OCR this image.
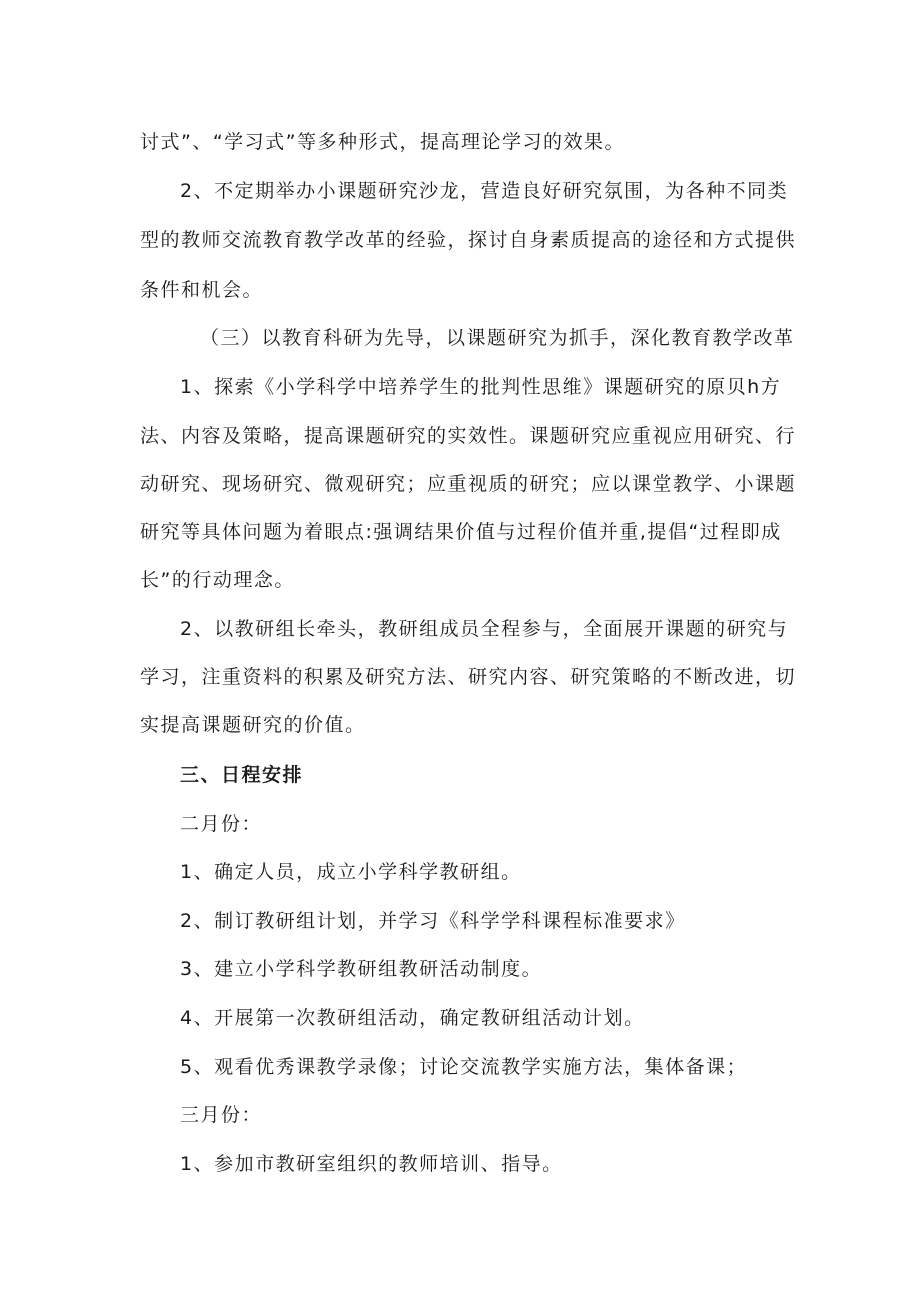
讨式”、“学习式”等多种形式，提高理论学习的效果。
2、不定期举办小课题研究沙龙，营造良好研究氛围，为各种不同类
型的教师交流教育教学改革的经验，探讨自身素质提高的途径和方式提供
条件和机会。
（三）以教育科研为先导，以课题研究为抓手，深化教育教学改革
1、探索《小学科学中培养学生的批判性思维》课题研究的原贝h方
法、内容及策略，提高课题研究的实效性。课题研究应重视应用研究、行
动研究、现场研究、微观研究；应重视质的研究；应以课堂教学、小课题
研究等具体问题为着眼点:强调结果价值与过程价值并重,提倡“过程即成
长”的行动理念。
2、以教研组长牵头，教研组成员全程参与，全面展开课题的研究与
学习，注重资料的积累及研究方法、研究内容、研究策略的不断改进，切
实提高课题研究的价值。
三、日程安排
二月份：
1、确定人员，成立小学科学教研组。
2、制订教研组计划，并学习《科学学科课程标准要求》
3、建立小学科学教研组教研活动制度。
4、开展第一次教研组活动，确定教研组活动计划。
5、观看优秀课教学录像；讨论交流教学实施方法，集体备课；
三月份：
1、参加市教研室组织的教师培训、指导。
